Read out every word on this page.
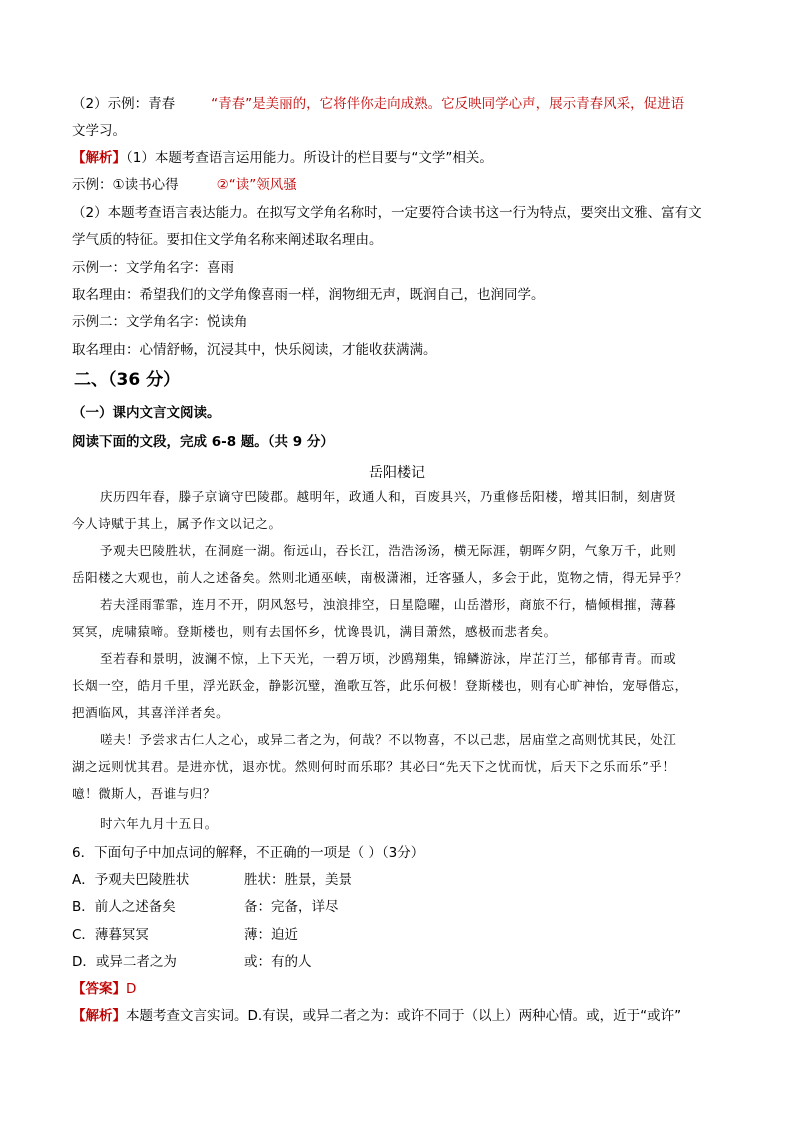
（2）示例：青春	“青春”是美丽的，它将伴你走向成熟。它反映同学心声，展示青春风采，促进语
文学习。
【解析】（1）本题考查语言运用能力。所设计的栏目要与“文学”相关。
示例：①读书心得	②“读”领风骚
（2）本题考查语言表达能力。在拟写文学角名称时，一定要符合读书这一行为特点，要突出文雅、富有文
学气质的特征。要扣住文学角名称来阐述取名理由。
示例一：文学角名字：喜雨
取名理由：希望我们的文学角像喜雨一样，润物细无声，既润自己，也润同学。
示例二：文学角名字：悦读角
取名理由：心情舒畅，沉浸其中，快乐阅读，才能收获满满。
二、（36 分）
（一）课内文言文阅读。
阅读下面的文段，完成 6-8 题。（共 9 分）
岳阳楼记
庆历四年春，滕子京谪守巴陵郡。越明年，政通人和，百废具兴，乃重修岳阳楼，增其旧制，刻唐贤
今人诗赋于其上，属予作文以记之。
予观夫巴陵胜状，在洞庭一湖。衔远山，吞长江，浩浩汤汤，横无际涯，朝晖夕阴，气象万千，此则
岳阳楼之大观也，前人之述备矣。然则北通巫峡，南极潇湘，迁客骚人，多会于此，览物之情，得无异乎？
若夫淫雨霏霏，连月不开，阴风怒号，浊浪排空，日星隐曜，山岳潜形，商旅不行，樯倾楫摧，薄暮
冥冥，虎啸猿啼。登斯楼也，则有去国怀乡，忧谗畏讥，满目萧然，感极而悲者矣。
至若春和景明，波澜不惊，上下天光，一碧万顷，沙鸥翔集，锦鳞游泳，岸芷汀兰，郁郁青青。而或
长烟一空，皓月千里，浮光跃金，静影沉璧，渔歌互答，此乐何极！登斯楼也，则有心旷神怡，宠辱偕忘，
把酒临风，其喜洋洋者矣。
嗟夫！予尝求古仁人之心，或异二者之为，何哉？不以物喜，不以己悲，居庙堂之高则忧其民，处江
湖之远则忧其君。是进亦忧，退亦忧。然则何时而乐耶？其必曰“先天下之忧而忧，后天下之乐而乐”乎！
噫！微斯人，吾谁与归？
时六年九月十五日。
6．下面句子中加点词的解释，不正确的一项是（ ）（3分）
A．予观夫巴陵胜状	胜状：胜景，美景
B．前人之述备矣	备：完备，详尽
C．薄暮冥冥	薄：迫近
D．或异二者之为	或：有的人
【答案】D
【解析】本题考查文言实词。D.有误，或异二者之为：或许不同于（以上）两种心情。或，近于“或许”
